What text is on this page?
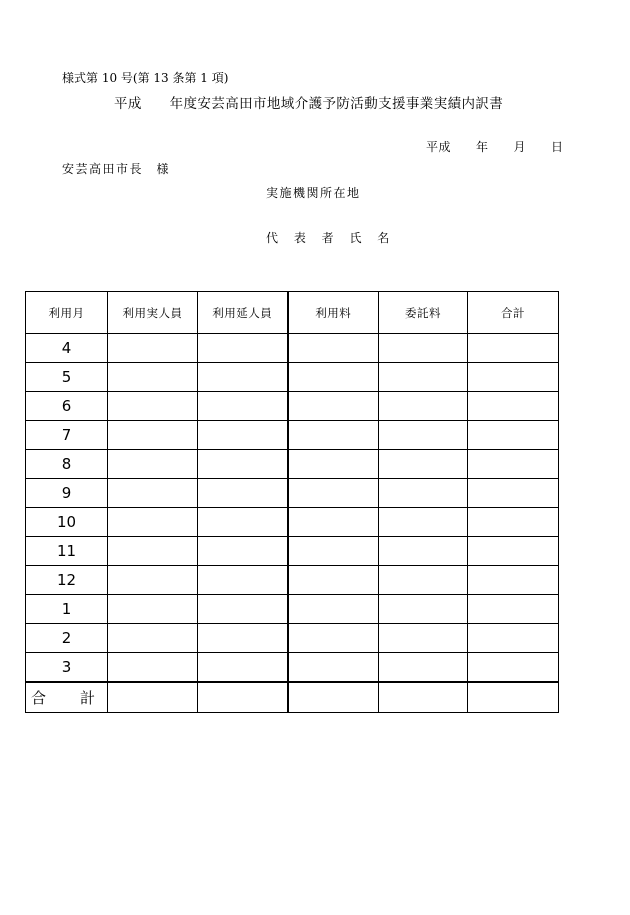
様式第 10 号(第 13 条第 1 項)
平成　　年度安芸高田市地域介護予防活動支援事業実績内訳書
平成　　年　　月　　日
安芸高田市長　様
実施機関所在地
代 表 者 氏 名
利用月	利用実人員	利用延人員	利用料	委託料	合計
4					
5					
6					
7					
8					
9					
10					
11					
12					
1					
2					
3					
合 計					
